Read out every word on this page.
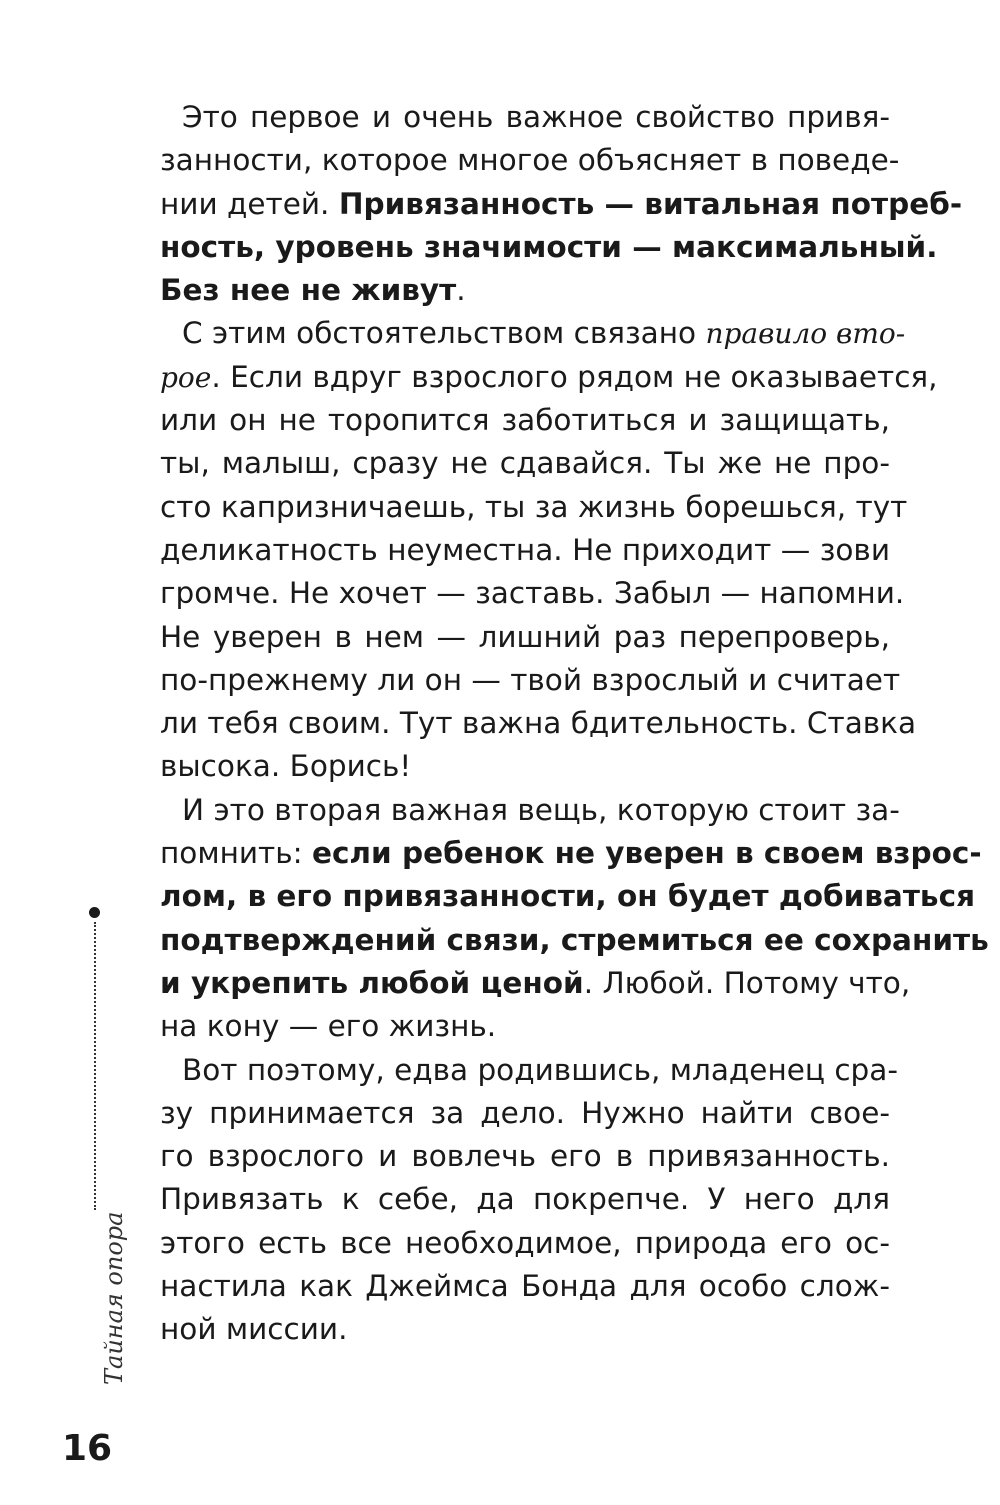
Это первое и очень важное свойство привя-
занности, которое многое объясняет в поведе-
нии детей. Привязанность — витальная потреб-
ность, уровень значимости — максимальный.
Без нее не живут.
С этим обстоятельством связано правило вто-
рое. Если вдруг взрослого рядом не оказывается,
или он не торопится заботиться и защищать,
ты, малыш, сразу не сдавайся. Ты же не про-
сто капризничаешь, ты за жизнь борешься, тут
деликатность неуместна. Не приходит — зови
громче. Не хочет — заставь. Забыл — напомни.
Не уверен в нем — лишний раз перепроверь,
по-прежнему ли он — твой взрослый и считает
ли тебя своим. Тут важна бдительность. Ставка
высока. Борись!
И это вторая важная вещь, которую стоит за-
помнить: если ребенок не уверен в своем взрос-
лом, в его привязанности, он будет добиваться
подтверждений связи, стремиться ее сохранить
и укрепить любой ценой. Любой. Потому что,
на кону — его жизнь.
Вот поэтому, едва родившись, младенец сра-
зу принимается за дело. Нужно найти свое-
го взрослого и вовлечь его в привязанность.
Привязать к себе, да покрепче. У него для
этого есть все необходимое, природа его ос-
настила как Джеймса Бонда для особо слож-
ной миссии.
Тайная опора
16
